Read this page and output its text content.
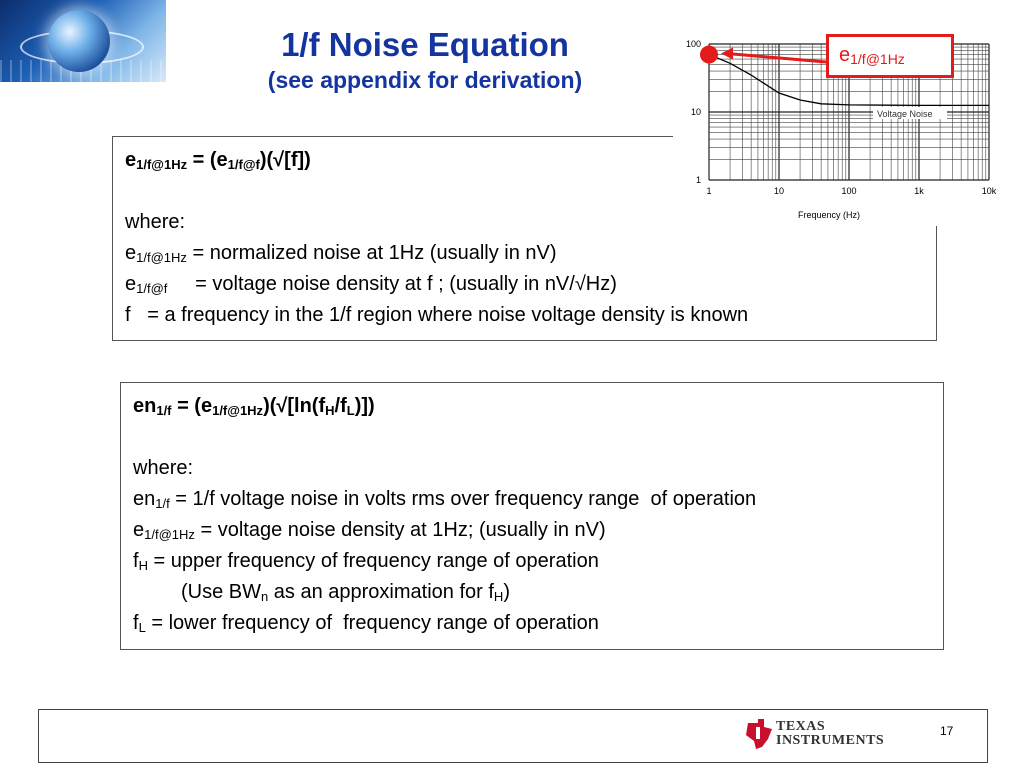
1/f Noise Equation
(see appendix for derivation)
$e_{1/f@1Hz} = (e_{1/f@f})(√[f])$
where:
$e_{1/f@1Hz}$ = normalized noise at 1Hz (usually in nV)
$e_{1/f@f}$     = voltage noise density at f ; (usually in nV/√Hz)
f   = a frequency in the 1/f region where noise voltage density is known
1	10	100	1k	10k
100
10
1
Frequency (Hz)
Voltage Noise
$e_{1/f@1Hz}$
$en_{1/f} = (e_{1/f@1Hz})(√[\ln(f_H/f_L)])$
where:
$en_{1/f} = 1/f$ voltage noise in volts rms over frequency range  of operation
$e_{1/f@1Hz}$ = voltage noise density at 1Hz; (usually in nV)
$f_H$ = upper frequency of frequency range of operation
(Use $BW_n$ as an approximation for $f_H$)
$f_L$ = lower frequency of  frequency range of operation
TEXAS
INSTRUMENTS
17
